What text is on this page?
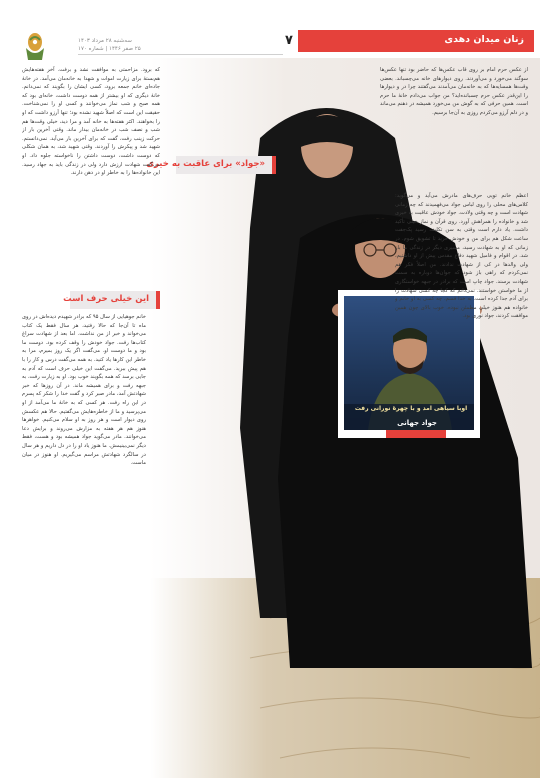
سه‌شنبه ۲۸ مرداد ۱۴۰۳
۲۵ صفر ۱۴۴۶ | شماره ۱۷۰
۷	زنان میدان دهدی
اوبا سیاهی آمد و با چهرهٔ نورانی رفت
جواد جهانی
از عکس حرم امام بر روی قاب عکس‌ها که حاضر بود تنها عکس‌ها سوگند می‌خورد و می‌آوردند. روی دیوارهای خانه می‌چسباند. بعضی وقت‌ها همسایه‌ها که به خانه‌مان می‌آمدند می‌گفتند چرا در و دیوارها را این‌قدر عکس حرم چسبانده‌اید؟ من جواب می‌دادم خانهٔ ما حرم است. همین حرفی که به گوش من می‌خورد همیشه در ذهنم می‌ماند و در دلم آرزو می‌کردم روزی به آن‌جا برسیم.
«جواد» برای عاقبت به خیری
اعظم خانم تویی حرف‌های مادرش می‌آید و می‌گوید: کلاس‌های محلی را روی لباس جواد می‌فهمیدند که چه زمانی شهادت است و چه وقتی ولادت. جواد خودش عاقبت به خیری شد و خانواده را همراهش آورد. روی قرآن و نماز خیلی تأکید داشت. یاد دارم است وقتی به سن تکلیف رسید پک‌جفت ساعت شکل هم برای من و خودش خرید تا تشویق شوم. در زمانی که او به شهادت رسید، مسیری دیگر در زندگی ما باز شد. در اقوام و فامیل شهید دفاع مقدس پیش از او داشتیم، ولی والدها در کی از شهادت ندادند. من اصلاً فکر هم نمی‌کردم که راهی باز شود که جوان‌ها دوباره به سمت شهادت برسند. جواد چاپ است که برادر در جبهه خواستگاری از ما خواستن خواستند. نمی‌دانم که کجا چه کسی شهادت را برای آدم جدا کرده است. به خدا قسم، چه کسی به او خانم و خانواده هم هنوز خیلی مطمئن نبوده. خوب بالای چون همین موافقت کردند، جواد نوری بود.
که برود. مزاحمتی به موافقت نشد و برفت. آخر هفته‌هایش هم‌بستۀ برای زیارت اموات و شهدا به خانه‌مان می‌آمد. در خانۀ جاده‌ای خانم جمعه برود، کسی ایشان را بگویند که نمی‌دانم. خانۀ دیگری که او بیشتر از همه دوست داشت، خانه‌ای بود که همه صبح و شب نماز می‌خوانند و کسی او را نمی‌شناخت. حقیقت این است که اصلاً شهید نشده بود؛ تنها آرزو داشت که او را بخواهند. اکثر هفته‌ها به خانه آمد و مرا دید، خیلی وقت‌ها هم شب و نصف شب در خانه‌مان بیدار ماند. وقتی آخرین بار از حرکت زینب رفت، گفت که برای آخرین بار می‌آید. نمی‌دانستم. شهید شد و پیکرش را آوردند. وقتی شهید شد، به همان شکلی که دوست داشت، دوست داشتن را ناخواسته جلوه داد. او می‌گفت شهادت ارزش دارد ولی در زندگی باید به جهاد رسید. این خانواده‌ها را به خاطر او در ذهن دارند.
این خیلی حرف است
خانم جوهیایی از سال ۹۵ که برادر شهیدم دیده‌اش در روی ماه تا آن‌جا که حالا رفتید، هر سال فقط یک کتاب می‌خواند و خبر از من نداشت. اما بعد از شهادت سراغ کتاب‌ها رفت. جواد خودش را وقف کرده بود. دوست ما بود و ما دوست او. می‌گفت اگر یک روز بمیرم، مرا به خاطر این کارها یاد کنید. به همه می‌گفت درس و کار را با هم پیش ببرید. می‌گفت این خیلی حرف است که آدم به جایی برسد که همه بگویند خوب بود. او به زیارت رفت، به جبهه رفت و برای همیشه ماند. در آن روزها که خبر شهادتش آمد، مادر صبر کرد و گفت خدا را شکر که پسرم در این راه رفت. هر کسی که به خانۀ ما می‌آمد از او می‌پرسید و ما از خاطره‌هایش می‌گفتیم. حالا هم عکسش روی دیوار است و هر روز به او سلام می‌کنیم. خواهرها هنوز هم هر هفته به مزارش می‌روند و برایش دعا می‌خوانند. مادر می‌گوید جواد همیشه بود و هست، فقط دیگر نمی‌بینیمش. ما هنوز یاد او را در دل داریم و هر سال در سالگرد شهادتش مراسم می‌گیریم. او هنوز در میان ماست.
